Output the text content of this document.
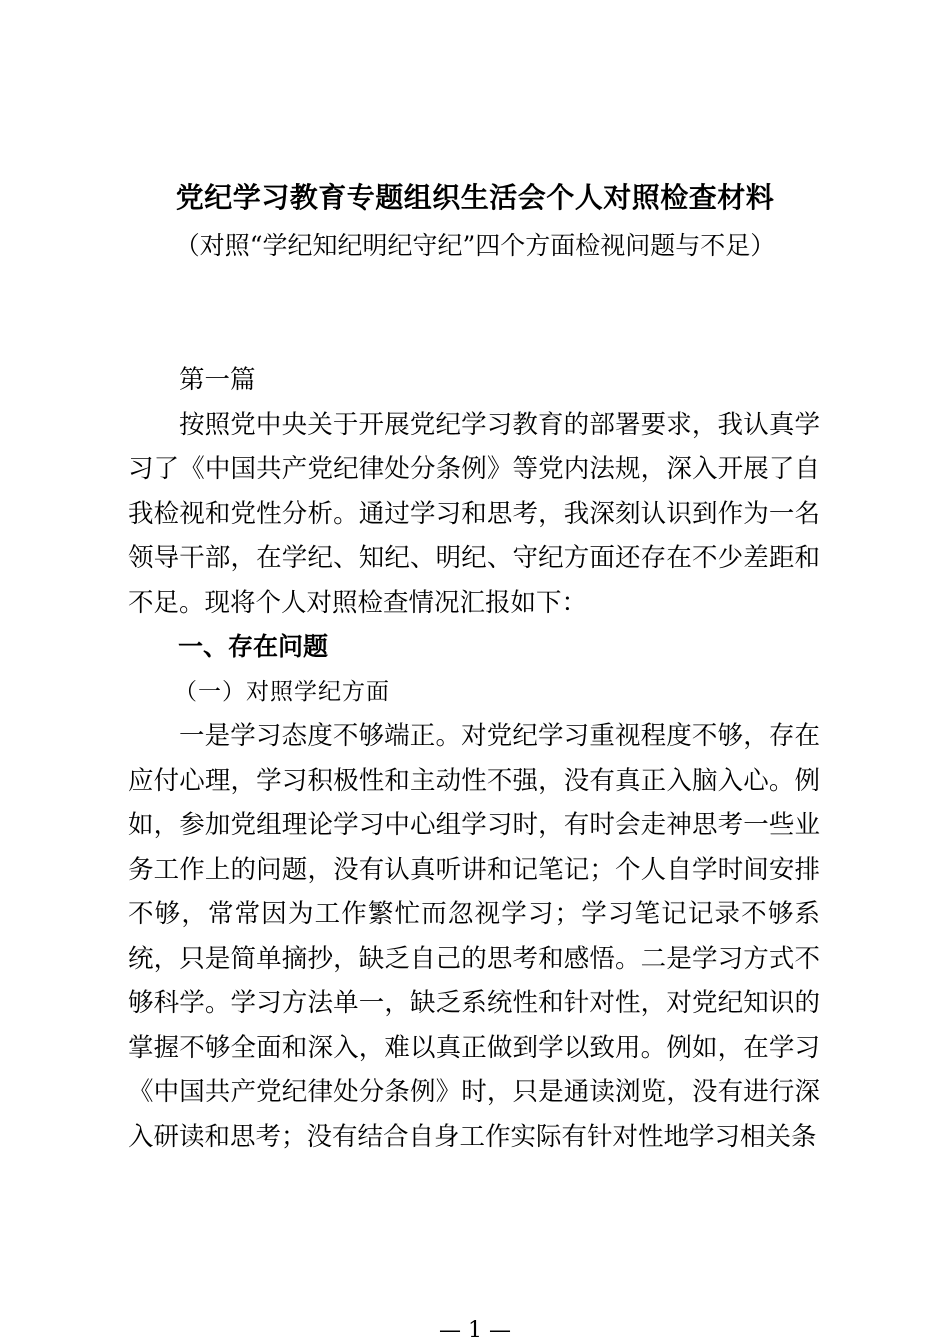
党纪学习教育专题组织生活会个人对照检查材料
（对照“学纪知纪明纪守纪”四个方面检视问题与不足）

第一篇

按照党中央关于开展党纪学习教育的部署要求，我认真学习了《中国共产党纪律处分条例》等党内法规，深入开展了自我检视和党性分析。通过学习和思考，我深刻认识到作为一名领导干部，在学纪、知纪、明纪、守纪方面还存在不少差距和不足。现将个人对照检查情况汇报如下：

一、存在问题

（一）对照学纪方面

一是学习态度不够端正。对党纪学习重视程度不够，存在应付心理，学习积极性和主动性不强，没有真正入脑入心。例如，参加党组理论学习中心组学习时，有时会走神思考一些业务工作上的问题，没有认真听讲和记笔记；个人自学时间安排不够，常常因为工作繁忙而忽视学习；学习笔记记录不够系统，只是简单摘抄，缺乏自己的思考和感悟。二是学习方式不够科学。学习方法单一，缺乏系统性和针对性，对党纪知识的掌握不够全面和深入，难以真正做到学以致用。例如，在学习《中国共产党纪律处分条例》时，只是通读浏览，没有进行深入研读和思考；没有结合自身工作实际有针对性地学习相关条

— 1 —
